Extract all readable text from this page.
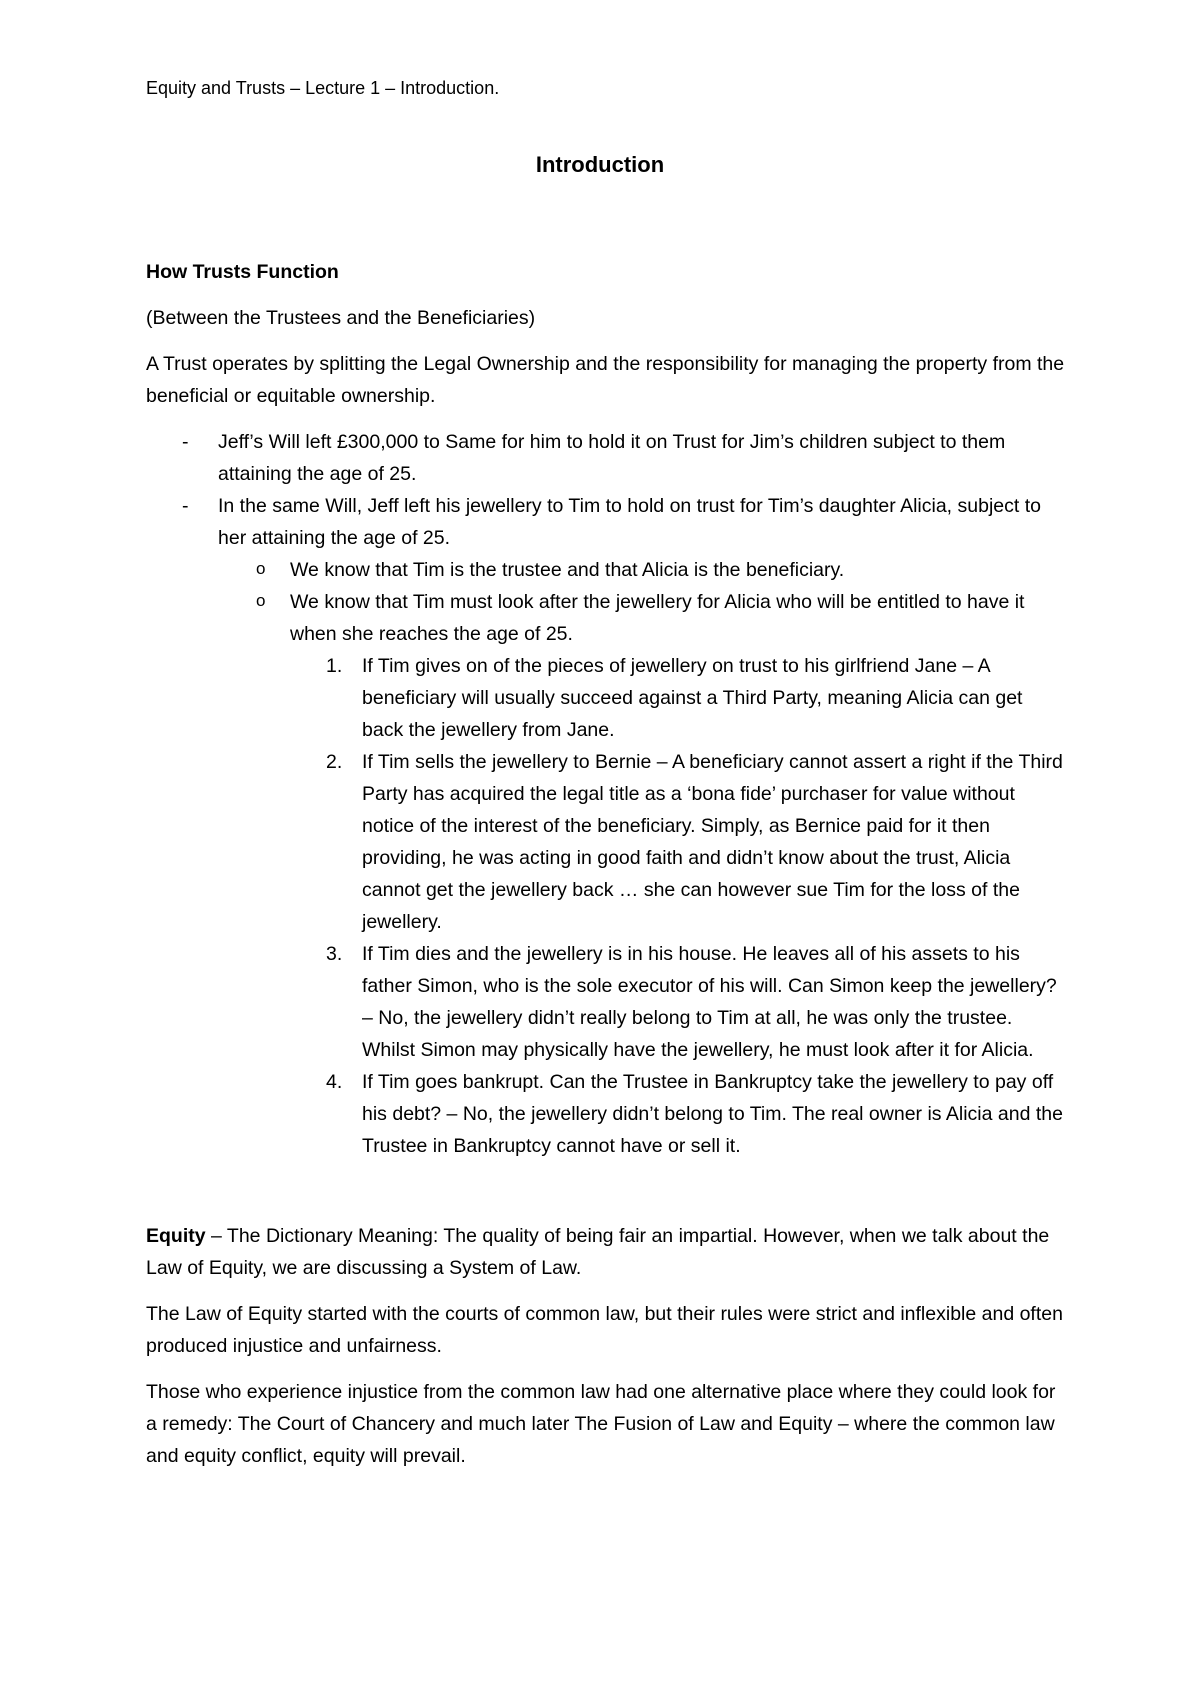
Equity and Trusts – Lecture 1 – Introduction.
Introduction

How Trusts Function

(Between the Trustees and the Beneficiaries)

A Trust operates by splitting the Legal Ownership and the responsibility for managing the property from the beneficial or equitable ownership.

- Jeff’s Will left £300,000 to Same for him to hold it on Trust for Jim’s children subject to them attaining the age of 25.
- In the same Will, Jeff left his jewellery to Tim to hold on trust for Tim’s daughter Alicia, subject to her attaining the age of 25.
o We know that Tim is the trustee and that Alicia is the beneficiary.
o We know that Tim must look after the jewellery for Alicia who will be entitled to have it when she reaches the age of 25.
1. If Tim gives on of the pieces of jewellery on trust to his girlfriend Jane – A beneficiary will usually succeed against a Third Party, meaning Alicia can get back the jewellery from Jane.
2. If Tim sells the jewellery to Bernie – A beneficiary cannot assert a right if the Third Party has acquired the legal title as a ‘bona fide’ purchaser for value without notice of the interest of the beneficiary. Simply, as Bernice paid for it then providing, he was acting in good faith and didn’t know about the trust, Alicia cannot get the jewellery back … she can however sue Tim for the loss of the jewellery.
3. If Tim dies and the jewellery is in his house. He leaves all of his assets to his father Simon, who is the sole executor of his will. Can Simon keep the jewellery? – No, the jewellery didn’t really belong to Tim at all, he was only the trustee. Whilst Simon may physically have the jewellery, he must look after it for Alicia.
4. If Tim goes bankrupt. Can the Trustee in Bankruptcy take the jewellery to pay off his debt? – No, the jewellery didn’t belong to Tim. The real owner is Alicia and the Trustee in Bankruptcy cannot have or sell it.

Equity – The Dictionary Meaning: The quality of being fair an impartial. However, when we talk about the Law of Equity, we are discussing a System of Law.

The Law of Equity started with the courts of common law, but their rules were strict and inflexible and often produced injustice and unfairness.

Those who experience injustice from the common law had one alternative place where they could look for a remedy: The Court of Chancery and much later The Fusion of Law and Equity – where the common law and equity conflict, equity will prevail.
